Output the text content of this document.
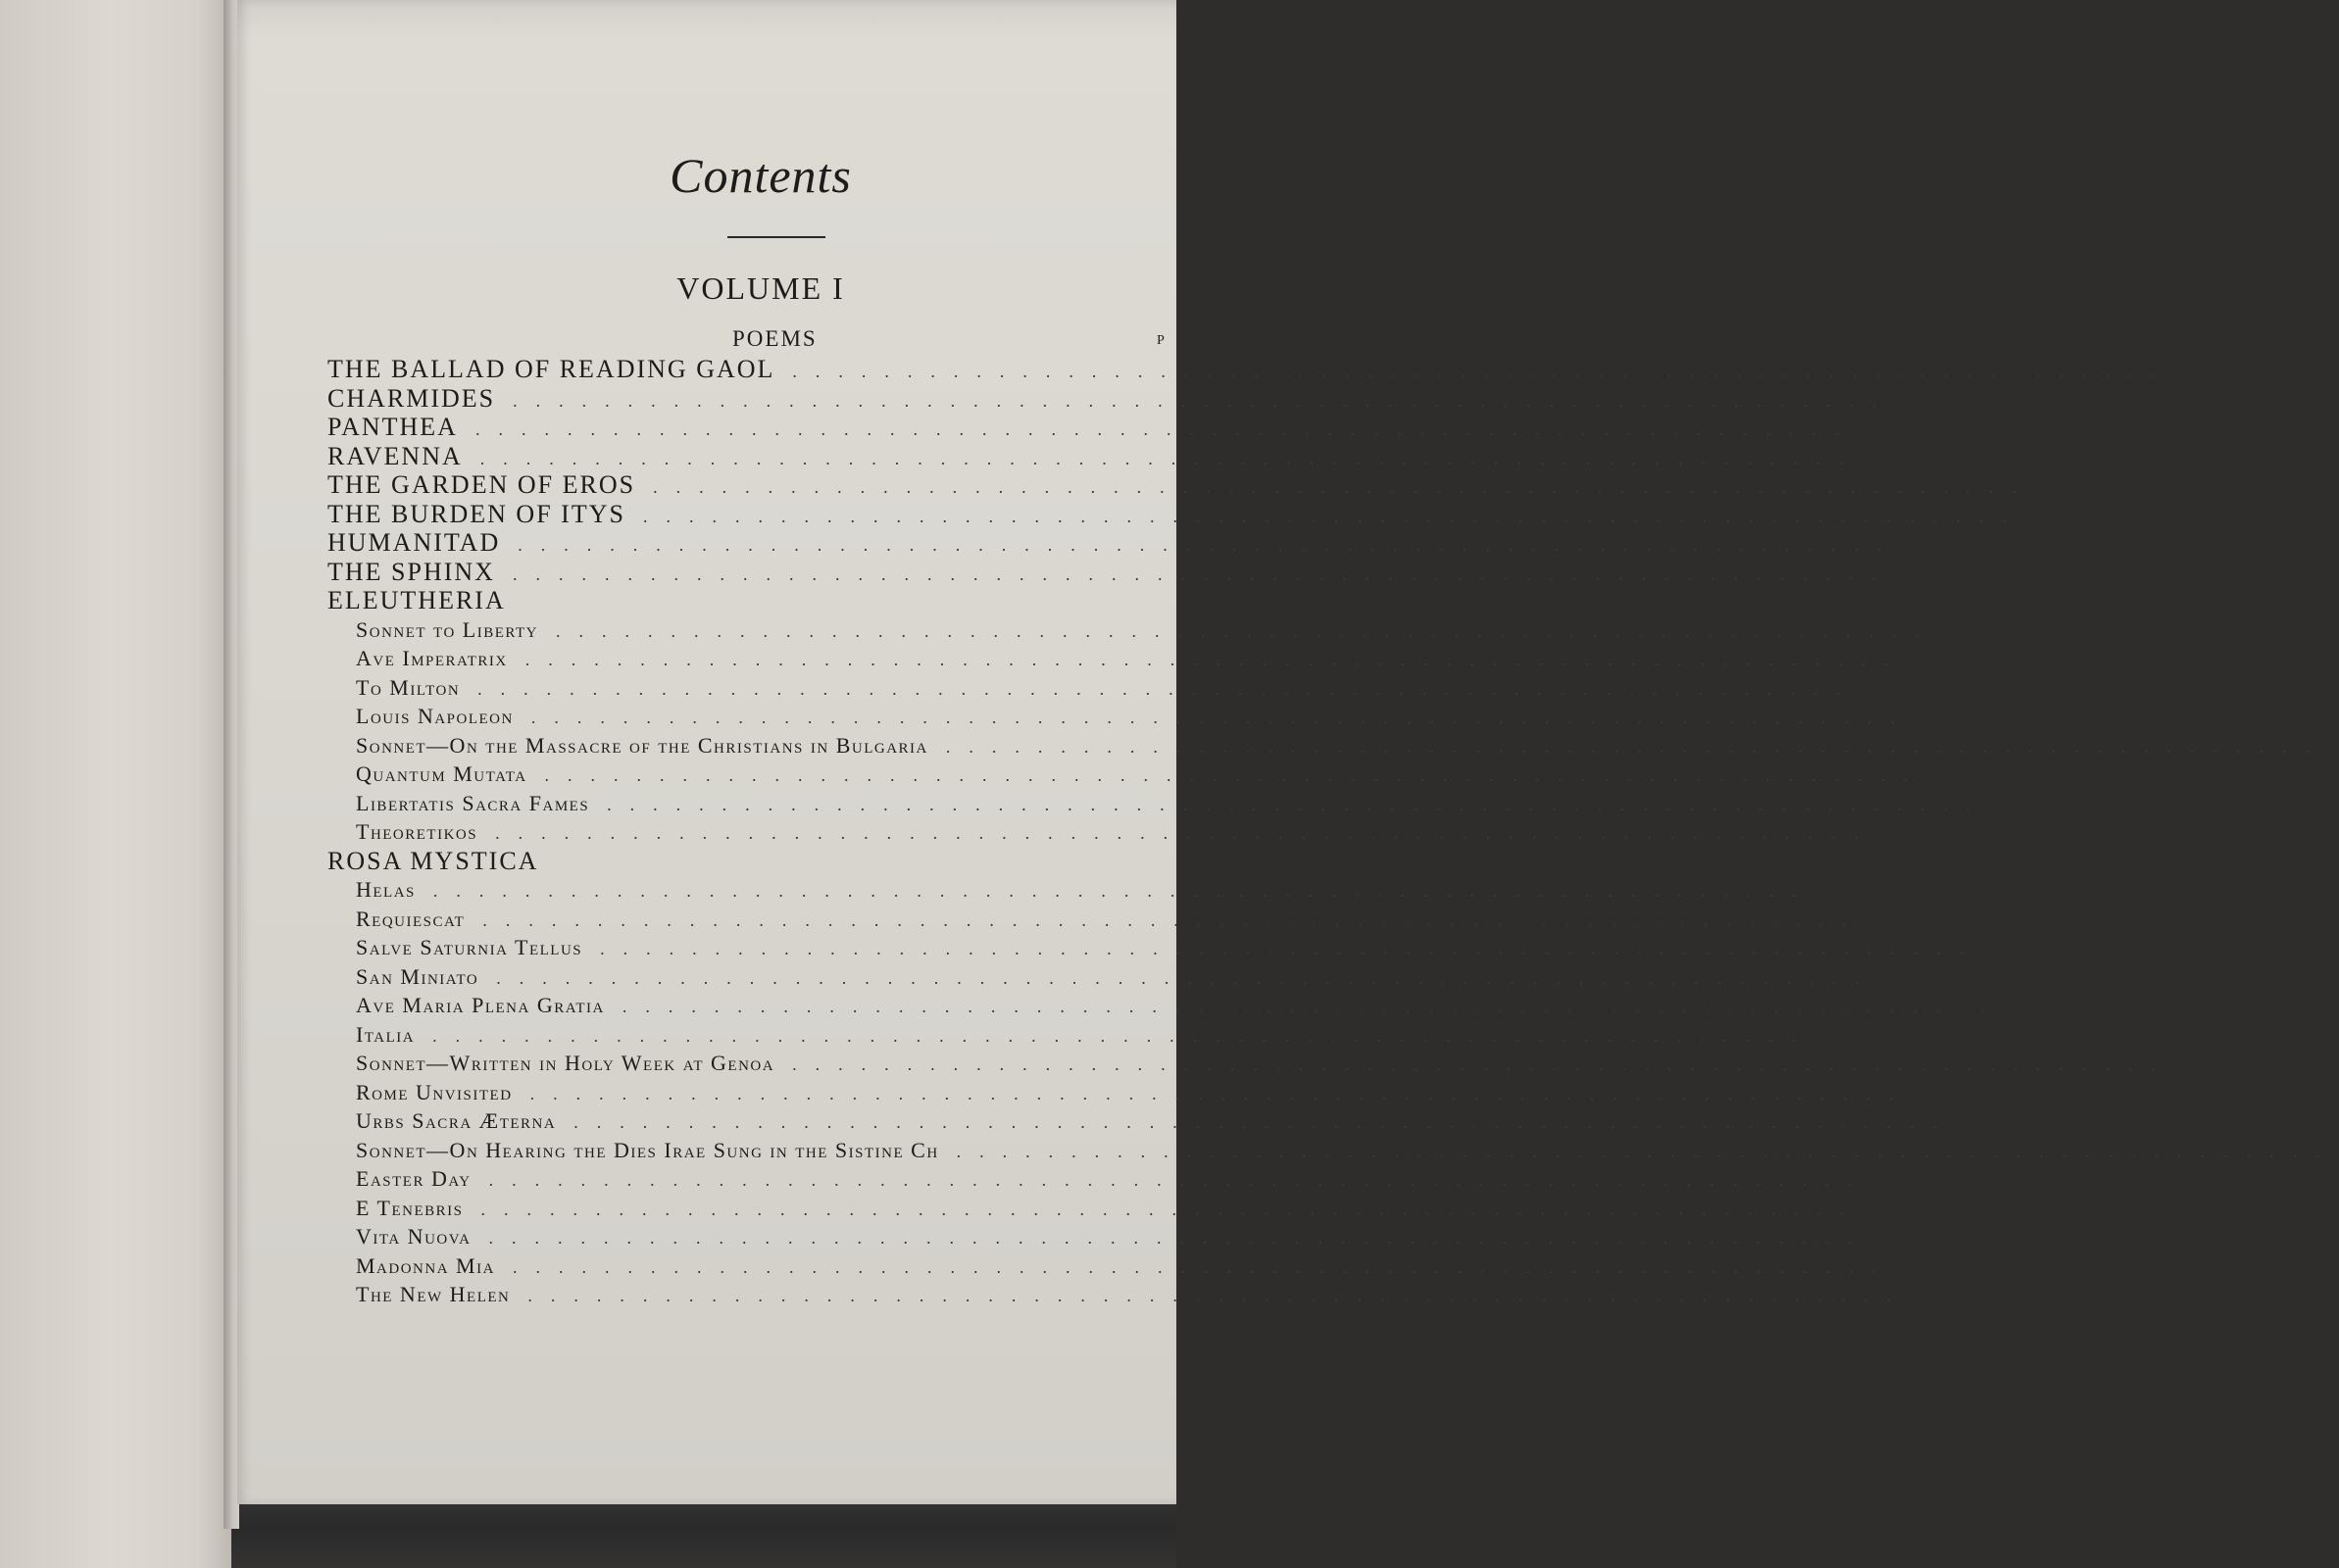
Contents
VOLUME I
POEMS	P
THE BALLAD OF READING GAOL ............................................................
CHARMIDES ............................................................
PANTHEA ............................................................
RAVENNA ............................................................
THE GARDEN OF EROS ............................................................
THE BURDEN OF ITYS ............................................................
HUMANITAD ............................................................
THE SPHINX ............................................................
ELEUTHERIA
Sonnet to Liberty ............................................................
Ave Imperatrix ............................................................
To Milton ............................................................
Louis Napoleon ............................................................
Sonnet—On the Massacre of the Christians in Bulgaria ............................................................
Quantum Mutata ............................................................
Libertatis Sacra Fames ............................................................
Theoretikos ............................................................
ROSA MYSTICA
Helas ............................................................
Requiescat ............................................................
Salve Saturnia Tellus ............................................................
San Miniato ............................................................
Ave Maria Plena Gratia ............................................................
Italia ............................................................
Sonnet—Written in Holy Week at Genoa ............................................................
Rome Unvisited ............................................................
Urbs Sacra Æterna ............................................................
Sonnet—On Hearing the Dies Irae Sung in the Sistine Ch ............................................................
Easter Day ............................................................
E Tenebris ............................................................
Vita Nuova ............................................................
Madonna Mia ............................................................
The New Helen ............................................................
